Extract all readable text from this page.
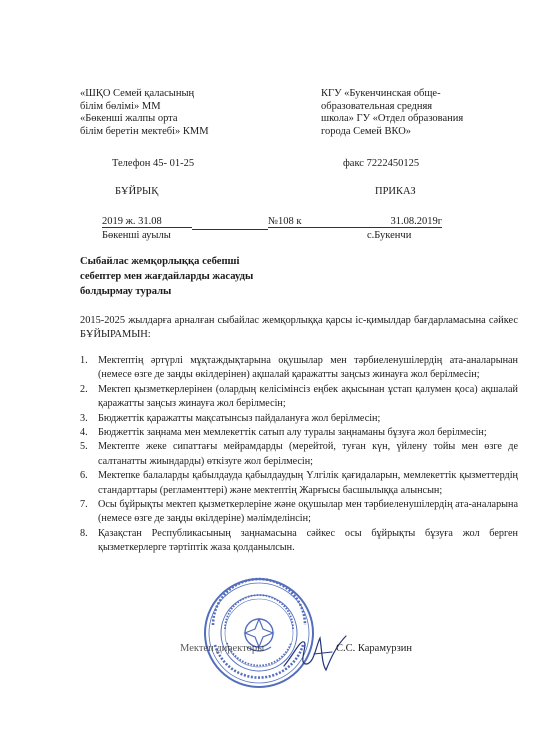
«ШҚО Семей қаласының
білім бөлімі» ММ
«Бөкенші жалпы орта
білім беретін мектебі» КММ
КГУ «Букенчинская обще-
образовательная средняя
школа» ГУ «Отдел образования
города Семей ВКО»
Телефон 45- 01-25	факс 7222450125
БҰЙРЫҚ	ПРИКАЗ
2019 ж. 31.08	№108 к	31.08.2019г
Бөкенші ауылы	с.Букенчи
Сыбайлас жемқорлыққа себепші
себептер мен жағдайларды жасауды
болдырмау туралы
2015-2025 жылдарға арналған сыбайлас жемқорлыққа қарсы іс-қимылдар бағдарламасына сәйкес БҰЙЫРАМЫН:
1. Мектептің әртүрлі мұқтаждықтарына оқушылар мен тәрбиеленушілердің ата-аналарынан (немесе өзге де заңды өкілдерінен) ақшалай қаражатты заңсыз жинауға жол берілмесін;
2. Мектеп қызметкерлерінен (олардың келісімінсіз еңбек ақысынан ұстап қалумен қоса) ақшалай қаражатты заңсыз жинауға жол берілмесін;
3. Бюджеттік қаражатты мақсатынсыз пайдалануға жол берілмесін;
4. Бюджеттік заңнама мен мемлекеттік сатып алу туралы заңнаманы бұзуға жол берілмесін;
5. Мектепте жеке сипаттағы мейрамдарды (мерейтой, туған күн, үйлену тойы мен өзге де салтанатты жиындарды) өткізуге жол берілмесін;
6. Мектепке балаларды қабылдауда қабылдаудың Үлгілік қағидаларын, мемлекеттік қызметтердің стандарттары (регламенттері) және мектептің Жарғысы басшылыққа алынсын;
7. Осы бұйрықты мектеп қызметкерлеріне және оқушылар мен тәрбиеленушілердің ата-аналарына (немесе өзге де заңды өкілдеріне) мәлімделінсін;
8. Қазақстан Республикасының заңнамасына сәйкес осы бұйрықты бұзуға жол берген қызметкерлерге тәртіптік жаза қолданылсын.
Мектеп директоры	С.С. Карамурзин
